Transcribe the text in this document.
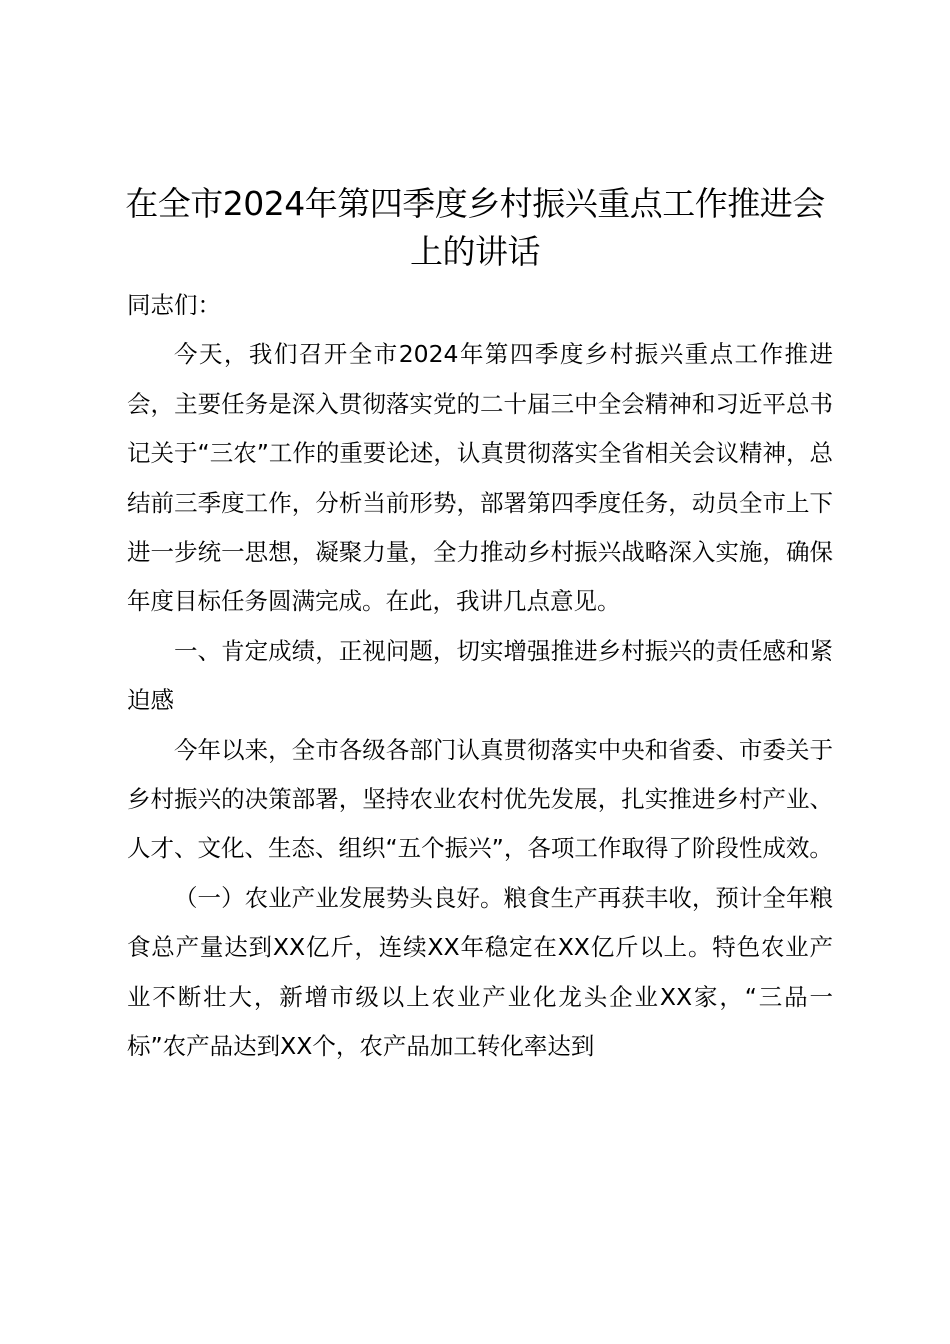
在全市2024年第四季度乡村振兴重点工作推进会上的讲话

同志们：

今天，我们召开全市2024年第四季度乡村振兴重点工作推进会，主要任务是深入贯彻落实党的二十届三中全会精神和习近平总书记关于“三农”工作的重要论述，认真贯彻落实全省相关会议精神，总结前三季度工作，分析当前形势，部署第四季度任务，动员全市上下进一步统一思想，凝聚力量，全力推动乡村振兴战略深入实施，确保年度目标任务圆满完成。在此，我讲几点意见。

一、肯定成绩，正视问题，切实增强推进乡村振兴的责任感和紧迫感

今年以来，全市各级各部门认真贯彻落实中央和省委、市委关于乡村振兴的决策部署，坚持农业农村优先发展，扎实推进乡村产业、人才、文化、生态、组织“五个振兴”，各项工作取得了阶段性成效。

（一）农业产业发展势头良好。粮食生产再获丰收，预计全年粮食总产量达到XX亿斤，连续XX年稳定在XX亿斤以上。特色农业产业不断壮大，新增市级以上农业产业化龙头企业XX家，“三品一标”农产品达到XX个，农产品加工转化率达到
